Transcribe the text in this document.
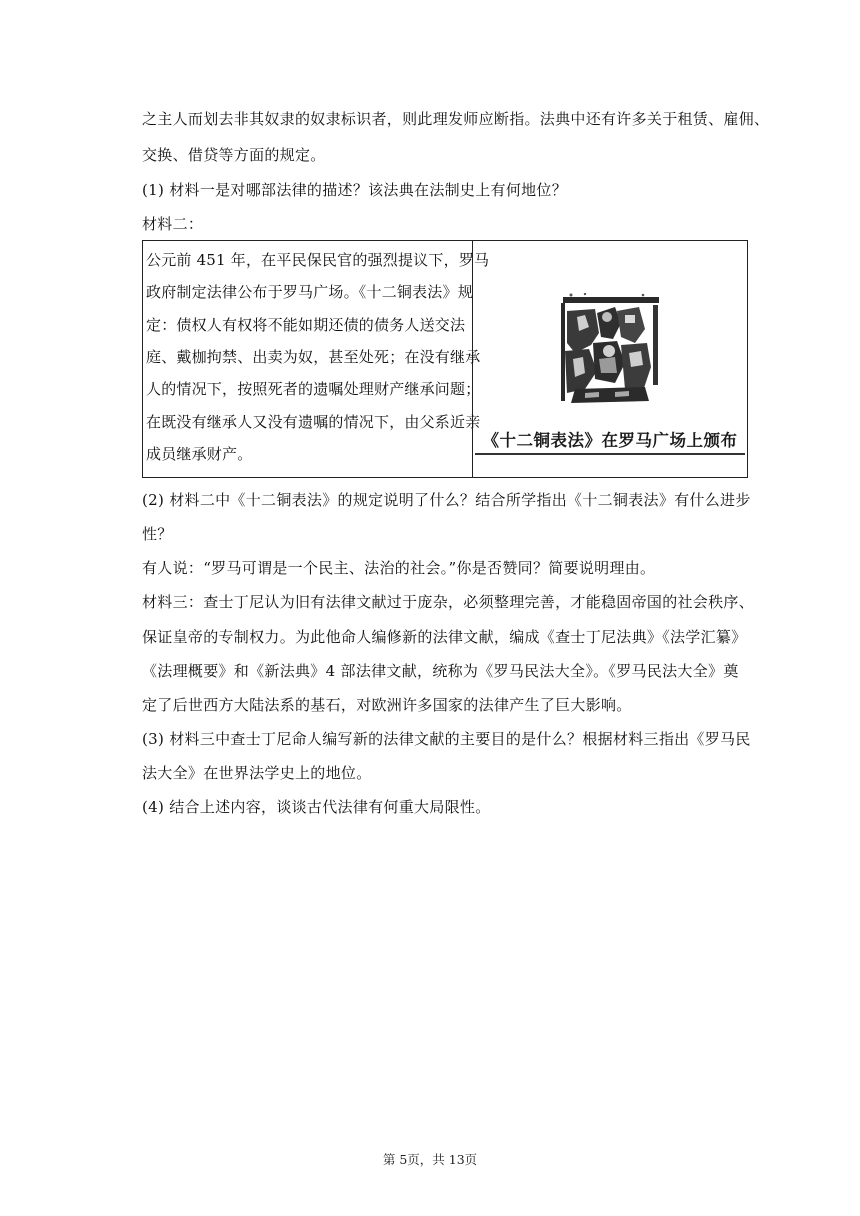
之主人而划去非其奴隶的奴隶标识者，则此理发师应断指。法典中还有许多关于租赁、雇佣、
交换、借贷等方面的规定。
(1) 材料一是对哪部法律的描述？该法典在法制史上有何地位？
材料二：
公元前 451 年，在平民保民官的强烈提议下，罗马
政府制定法律公布于罗马广场。《十二铜表法》规
定：债权人有权将不能如期还债的债务人送交法
庭、戴枷拘禁、出卖为奴，甚至处死；在没有继承
人的情况下，按照死者的遗嘱处理财产继承问题；
在既没有继承人又没有遗嘱的情况下，由父系近亲
成员继承财产。
《十二铜表法》在罗马广场上颁布
(2) 材料二中《十二铜表法》的规定说明了什么？结合所学指出《十二铜表法》有什么进步
性？
有人说：“罗马可谓是一个民主、法治的社会。”你是否赞同？简要说明理由。
材料三：查士丁尼认为旧有法律文献过于庞杂，必须整理完善，才能稳固帝国的社会秩序、
保证皇帝的专制权力。为此他命人编修新的法律文献，编成《查士丁尼法典》《法学汇纂》
《法理概要》和《新法典》4 部法律文献，统称为《罗马民法大全》。《罗马民法大全》奠
定了后世西方大陆法系的基石，对欧洲许多国家的法律产生了巨大影响。
(3) 材料三中查士丁尼命人编写新的法律文献的主要目的是什么？根据材料三指出《罗马民
法大全》在世界法学史上的地位。
(4) 结合上述内容，谈谈古代法律有何重大局限性。
第 5页，共 13页
